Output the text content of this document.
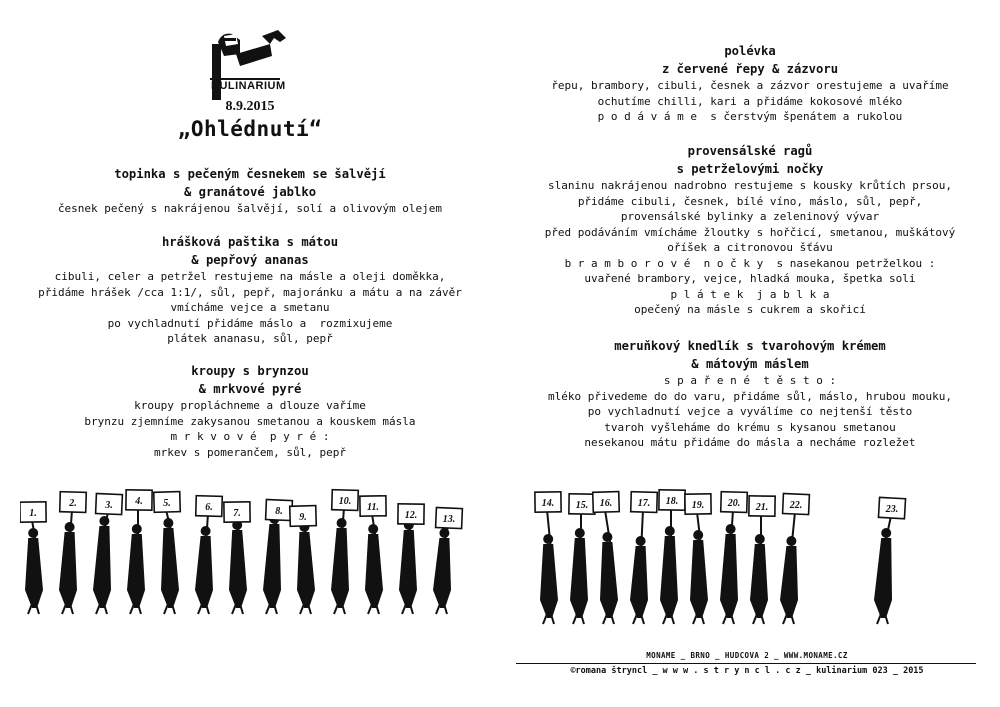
KULINARIUM
8.9.2015
„Ohlédnutí“

topinka s pečeným česnekem se šalvějí

& granátové jablko

česnek pečený s nakrájenou šalvějí, solí a olivovým olejem

hrášková paštika s mátou

& pepřový ananas

cibuli, celer a petržel restujeme na másle a oleji doměkka,

přidáme hrášek /cca 1:1/, sůl, pepř, majoránku a mátu a na závěr

vmícháme vejce a smetanu

po vychladnutí přidáme máslo a  rozmixujeme

plátek ananasu, sůl, pepř

kroupy s brynzou

& mrkvové pyré

kroupy propláchneme a dlouze vaříme

brynzu zjemníme zakysanou smetanou a kouskem másla

m r k v o v é  p y r é :

mrkev s pomerančem, sůl, pepř

polévka

z červené řepy & zázvoru

řepu, brambory, cibuli, česnek a zázvor orestujeme a uvaříme

ochutíme chilli, kari a přidáme kokosové mléko

p o d á v á m e  s čerstvým špenátem a rukolou

provensálské ragů

s petrželovými nočky

slaninu nakrájenou nadrobno restujeme s kousky krůtích prsou,

přidáme cibuli, česnek, bílé víno, máslo, sůl, pepř,

provensálské bylinky a zeleninový vývar

před podáváním vmícháme žloutky s hořčicí, smetanou, muškátový

oříšek a citronovou šťávu

b r a m b o r o v é  n o č k y  s nasekanou petrželkou :

uvařené brambory, vejce, hladká mouka, špetka soli

p l á t e k  j a b l k a

opečený na másle s cukrem a skořicí

meruňkový knedlík s tvarohovým krémem

& mátovým máslem

s p a ř e n é  t ě s t o :

mléko přivedeme do do varu, přidáme sůl, máslo, hrubou mouku,

po vychladnutí vejce a vyválíme co nejtenší těsto

tvaroh vyšleháme do krému s kysanou smetanou

nesekanou mátu přidáme do másla a necháme rozležet

1.
2.	3. 4. 5.	6.
7.	8.
9.
10.
11.
12.	13.
14. 15. 16.	17. 18. 19. 20. 21. 22.	23.
MONAME _ BRNO _ HUDCOVA 2 _ WWW.MONAME.CZ
©romana štryncl _ w w w . s t r y n c l . c z _ kulinarium 023 _ 2015
